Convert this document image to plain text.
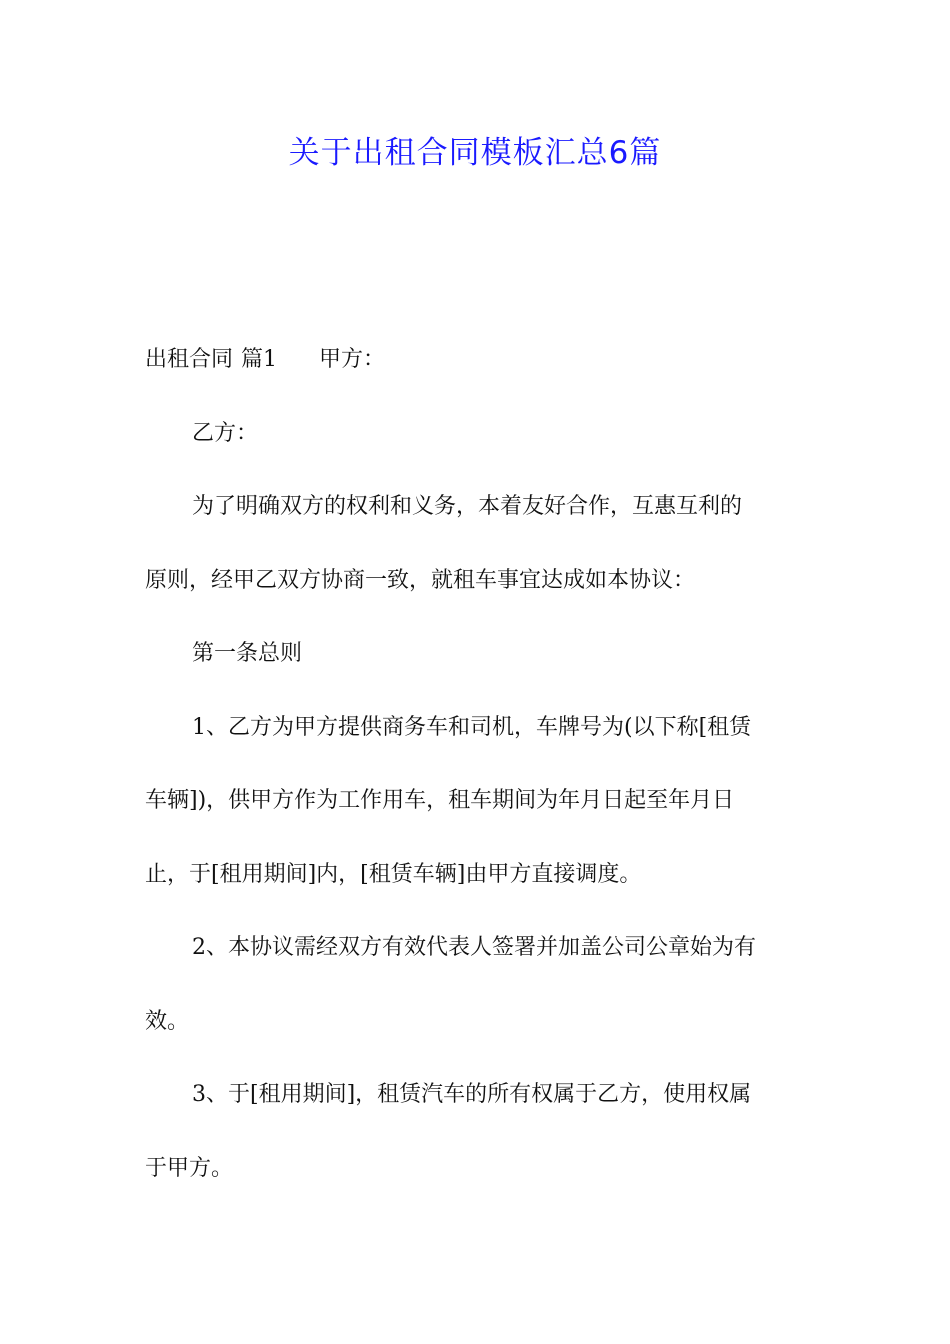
关于出租合同模板汇总6篇
出租合同 篇1 甲方：
乙方：
为了明确双方的权利和义务，本着友好合作，互惠互利的
原则，经甲乙双方协商一致，就租车事宜达成如本协议：
第一条总则
1、乙方为甲方提供商务车和司机，车牌号为(以下称[租赁
车辆])，供甲方作为工作用车，租车期间为年月日起至年月日
止，于[租用期间]内，[租赁车辆]由甲方直接调度。
2、本协议需经双方有效代表人签署并加盖公司公章始为有
效。
3、于[租用期间]，租赁汽车的所有权属于乙方，使用权属
于甲方。
